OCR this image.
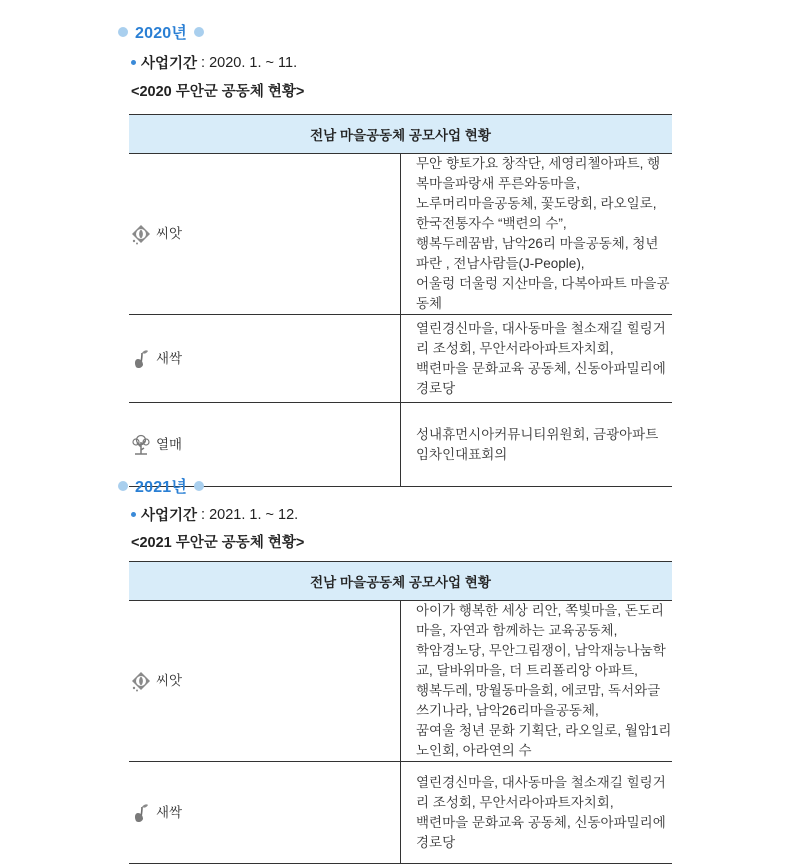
2020년
사업기간 : 2020. 1. ~ 11.
<2020 무안군 공동체 현황>
전남 마을공동체 공모사업 현황	

씨앗	무안 향토가요 창작단, 세영리첼아파트, 행복마을파랑새 푸른와동마을,
노루머리마을공동체, 꽃도랑회, 라오일로, 한국전통자수 “백련의 수”,
행복두레꿈밤, 남악26리 마을공동체, 청년 파란 , 전남사람들(J-People),
어울렁 더울렁 지산마을, 다복아파트 마을공동체

새싹	열린경신마을, 대사동마을 철소재길 힐링거리 조성회, 무안서라아파트자치회,
백련마을 문화교육 공동체, 신동아파밀리에 경로당

열매	성내휴먼시아커뮤니티위원회, 금광아파트 임차인대표회의
2021년
사업기간 : 2021. 1. ~ 12.
<2021 무안군 공동체 현황>
전남 마을공동체 공모사업 현황	

씨앗	아이가 행복한 세상 리안, 쪽빛마을, 돈도리마을, 자연과 함께하는 교육공동체,
학암경노당, 무안그림쟁이, 남악재능나눔학교, 달바위마을, 더 트리폴리앙 아파트,
행복두레, 망월동마을회, 에코맘, 독서와글쓰기나라, 남악26리마을공동체,
꿈여울 청년 문화 기획단, 라오일로, 월암1리노인회, 아라연의 수

새싹	열린경신마을, 대사동마을 철소재길 힐링거리 조성회, 무안서라아파트자치회,
백련마을 문화교육 공동체, 신동아파밀리에 경로당
